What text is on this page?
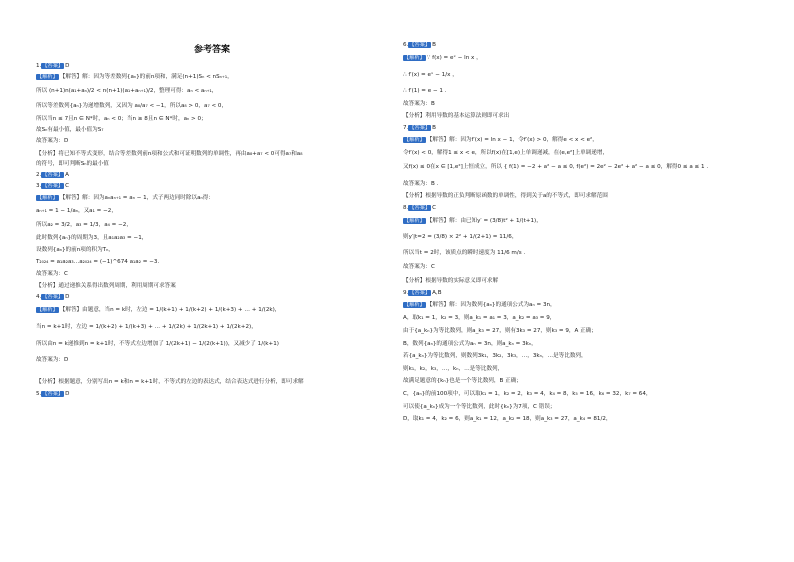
参考答案
1.【答案】 D
【解析】 【解答】解：因为等差数列{aₙ}的前n项和，满足(n+1)Sₙ < nSₙ₊₁，
所以 (n+1)n(a₁+aₙ)/2 < n(n+1)(a₁+aₙ₊₁)/2，整理可得：aₙ < aₙ₊₁，
所以等差数列{aₙ}为递增数列，又因为 a₈/a₇ < −1，所以a₈ > 0，a₇ < 0，
所以当n ≤ 7且n ∈ N*时，aₙ < 0；当n ≥ 8且n ∈ N*时，aₙ > 0；
故Sₙ有最小值，最小值为S₇
故答案为：D
【分析】将已知不等式变形，结合等差数列前n项和公式和可证明数列的单调性，再由a₈+a₇ < 0可得a₇和a₈
的符号，即可判断Sₙ的最小值
2.【答案】 A
3.【答案】 C
【解析】 【解答】解：因为aₙaₙ₊₁ = aₙ − 1，式子两边同时除以aₙ得：
aₙ₊₁ = 1 − 1/aₙ，又a₁ = −2，
所以a₂ = 3/2，a₃ = 1/3，a₄ = −2，
此时数列{aₙ}的周期为3，且a₁a₂a₃ = −1，
设数列{aₙ}的前n项的积为Tₙ，
T₂₀₂₄ = a₁a₂a₃…a₂₀₂₄ = (−1)^674 a₁a₂ = −3.
故答案为：C
【分析】通过递推关系得出数列周期，利用周期可求答案
4.【答案】 D
【解析】 【解答】由题意，当n = k时，左边 = 1/(k+1) + 1/(k+2) + 1/(k+3) + … + 1/(2k)，
当n = k+1时，左边 = 1/(k+2) + 1/(k+3) + … + 1/(2k) + 1/(2k+1) + 1/(2k+2)，
所以由n = k递推到n = k+1时，不等式左边增加了 1/(2k+1) − 1/(2(k+1))，又减少了 1/(k+1)
故答案为：D
【分析】根据题意，分别写出n = k和n = k+1时，不等式的左边的表达式，结合表达式进行分析，即可求解
5.【答案】 D
6.【答案】 B
【解析】 ∵ f(x) = eˣ − ln x ，
∴ f′(x) = eˣ − 1/x ，
∴ f′(1) = e − 1 .
故答案为：B
【分析】利用导数的基本运算法则即可求出
7.【答案】 B
【解析】 【解答】解：因为f′(x) = ln x − 1，令f′(x) > 0，解得e < x < e²，
令f′(x) < 0，解得1 ≤ x < e，所以f(x)在[1,e)上单调递减，在(e,e²]上单调递增，
又f(x) ≤ 0在x ∈ [1,e²]上恒成立，所以 { f(1) = −2 + a² − a ≤ 0, f(e²) = 2e² − 2e² + a² − a ≤ 0，解得0 ≤ a ≤ 1 .
故答案为：B .
【分析】根据导数的正负判断原函数的单调性，得到关于a的不等式，即可求解范围
8.【答案】 C
【解析】 【解答】解：由已知y′ = (3/8)t² + 1/(t+1)，
则y′|t=2 = (3/8) × 2² + 1/(2+1) = 11/6，
所以当t = 2时，该质点的瞬时速度为 11/6 m/s .
故答案为：C
【分析】根据导数的实际意义即可求解
9.【答案】 A,B
【解析】 【解答】解：因为数列{aₙ}的通项公式为aₙ = 3n，
A，取k₁ = 1，k₂ = 3，则a_k₁ = a₁ = 3，a_k₂ = a₃ = 9，
由于{a_kₙ}为等比数列，则a_k₃ = 27，则有3k₃ = 27，则k₃ = 9，A 正确；
B，数列{aₙ}的通项公式为aₙ = 3n，则a_kₙ = 3kₙ，
若{a_kₙ}为等比数列，则数列3k₁，3k₂，3k₃，…，3kₙ，…是等比数列，
则k₁，k₂，k₃，…，kₙ，…是等比数列，
故满足题意的{kₙ}也是一个等比数列，B 正确；
C，{aₙ}的前100项中，可以取k₁ = 1，k₂ = 2，k₃ = 4，k₄ = 8，k₅ = 16，k₆ = 32，k₇ = 64，
可以使{a_kₙ}成为一个等比数列，此时{kₙ}为7项，C 错误；
D，取k₁ = 4，k₂ = 6，则a_k₁ = 12，a_k₂ = 18，则a_k₃ = 27，a_k₄ = 81/2，
